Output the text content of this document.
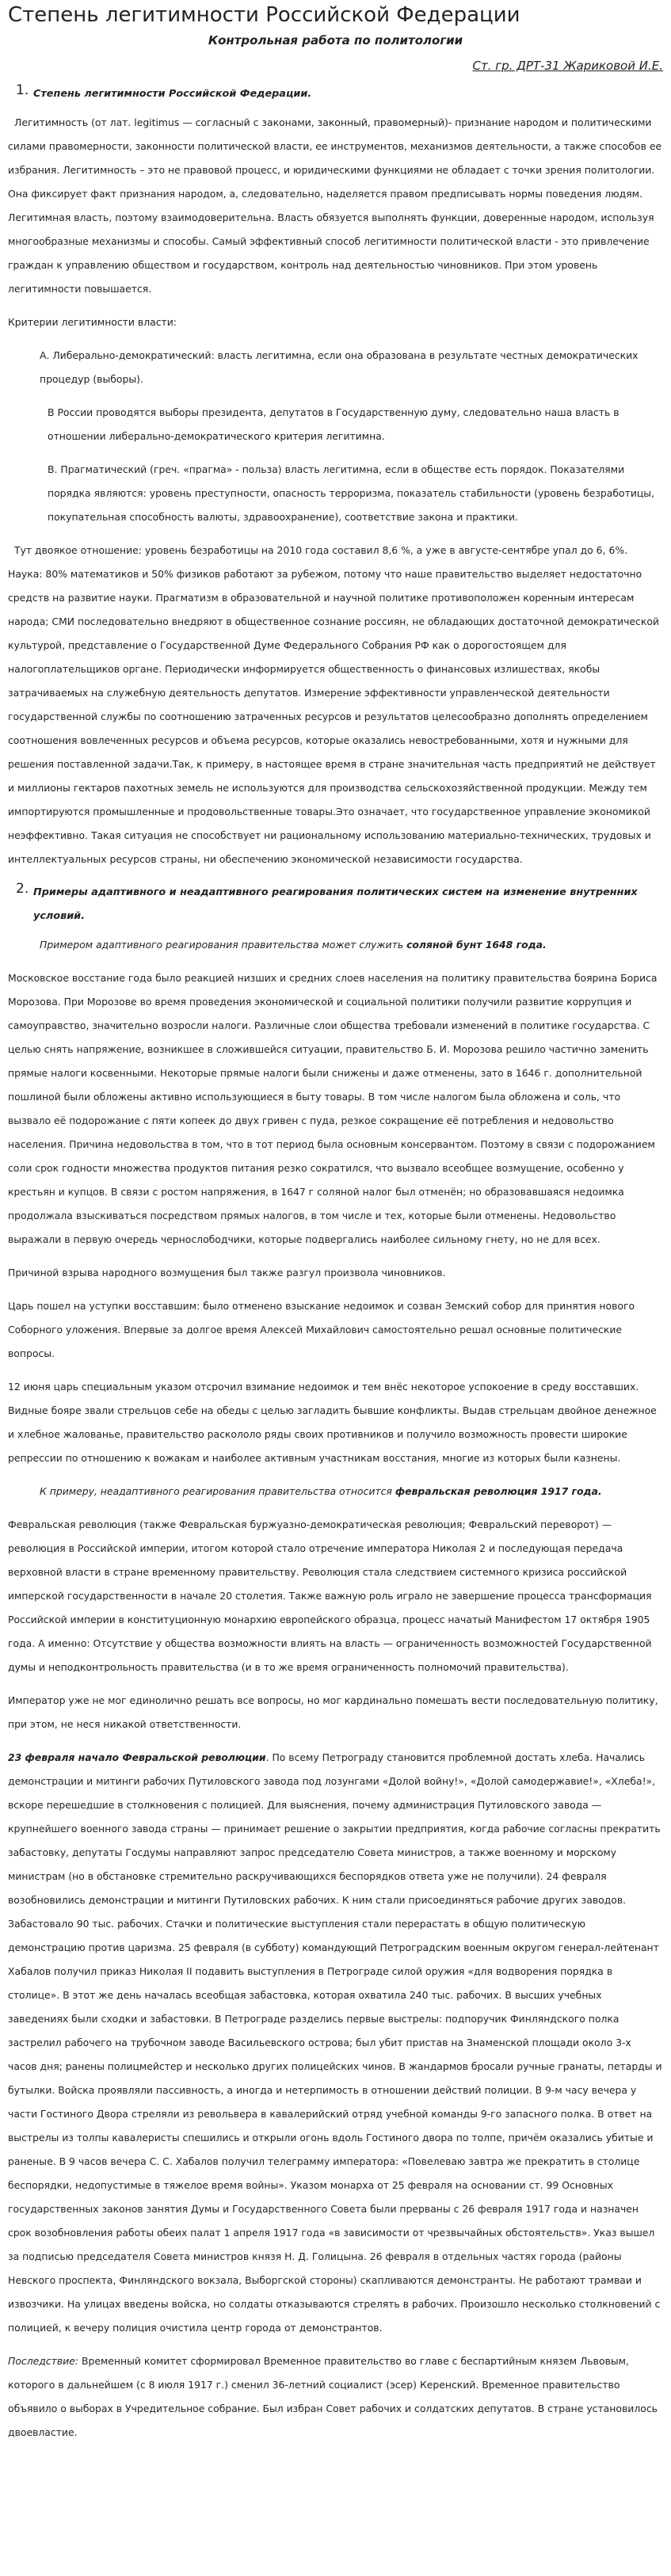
Степень легитимности Российской Федерации
Контрольная работа по политологии
Ст. гр. ДРТ-31 Жариковой И.Е.
1. Степень легитимности Российской Федерации.

Легитимность (от лат. legitimus — согласный с законами, законный, правомерный)- признание народом и политическими силами правомерности, законности политической власти, ее инструментов, механизмов деятельности, а также способов ее избрания. Легитимность – это не правовой процесс, и юридическими функциями не обладает с точки зрения политологии. Она фиксирует факт признания народом, а, следовательно, наделяется правом предписывать нормы поведения людям. Легитимная власть, поэтому взаимодовеpительна. Власть обязуется выполнять функции, доверенные народом, используя многообразные механизмы и способы. Самый эффективный способ легитимности политической власти - это привлечение граждан к управлению обществом и государством, контроль над деятельностью чиновников. При этом уровень легитимности повышается.

Критерии легитимности власти:

А. Либерально-демократический: власть легитимна, если она образована в результате честных демократических процедур (выборы).
В России проводятся выборы президента, депутатов в Государственную думу, следовательно наша власть в отношении либерально-демократического критерия легитимна.
В. Прагматический (греч. «прагма» - польза) власть легитимна, если в обществе есть порядок. Показателями порядка являются: уровень преступности, опасность терроризма, показатель стабильности (уровень безработицы, покупательная способность валюты, здравоохранение), соответствие закона и практики.

Тут двоякое отношение: уровень безработицы на 2010 года составил 8,6 %, а уже в августе-сентябре упал до 6, 6%. Наука: 80% математиков и 50% физиков работают за рубежом, потому что наше правительство выделяет недостаточно средств на развитие науки. Прагматизм в образовательной и научной политике противоположен коренным интересам народа; СМИ последовательно внедряют в общественное сознание россиян, не обладающих достаточной демократической культурой, представление о Государственной Думе Федерального Собрания РФ как о дорогостоящем для налогоплательщиков органе. Периодически информируется общественность о финансовых излишествах, якобы затрачиваемых на служебную деятельность депутатов. Измерение эффективности управленческой деятельности государственной службы по соотношению затраченных ресурсов и результатов целесообразно дополнять определением соотношения вовлеченных ресурсов и объема ресурсов, которые оказались невостребованными, хотя и нужными для решения поставленной задачи.Так, к примеру, в настоящее время в стране значительная часть предприятий не действует и миллионы гектаров пахотных земель не используются для производства сельскохозяйственной продукции. Между тем импортируются промышленные и продовольственные товары.Это означает, что государственное управление экономикой неэффективно. Такая ситуация не способствует ни рациональному использованию материально-технических, трудовых и интеллектуальных ресурсов страны, ни обеспечению экономической независимости государства.

2. Примеры адаптивного и неадаптивного реагирования политических систем на изменение внутренних условий.

Примером адаптивного реагирования правительства может служить соляной бунт 1648 года.

Московское восстание года было реакцией низших и средних слоев населения на политику правительства боярина Бориса Морозова. При Морозове во время проведения экономической и социальной политики получили развитие коррупция и самоуправство, значительно возросли налоги. Различные слои общества требовали изменений в политике государства. С целью снять напряжение, возникшее в сложившейся ситуации, правительство Б. И. Морозова решило частично заменить прямые налоги косвенными. Некоторые прямые налоги были снижены и даже отменены, зато в 1646 г. дополнительной пошлиной были обложены активно использующиеся в быту товары. В том числе налогом была обложена и соль, что вызвало её подорожание с пяти копеек до двух гривен с пуда, резкое сокращение её потребления и недовольство населения. Причина недовольства в том, что в тот период была основным консервантом. Поэтому в связи с подорожанием соли срок годности множества продуктов питания резко сократился, что вызвало всеобщее возмущение, особенно у крестьян и купцов. В связи с ростом напряжения, в 1647 г соляной налог был отменён; но образовавшаяся недоимка продолжала взыскиваться посредством прямых налогов, в том числе и тех, которые были отменены. Недовольство выражали в первую очередь чернослободчики, которые подвергались наиболее сильному гнету, но не для всех.

Причиной взрыва народного возмущения был также разгул произвола чиновников.

Царь пошел на уступки восставшим: было отменено взыскание недоимок и созван Земский собор для принятия нового Соборного уложения. Впервые за долгое время Алексей Михайлович самостоятельно решал основные политические вопросы.

12 июня царь специальным указом отсрочил взимание недоимок и тем внёс некоторое успокоение в среду восставших. Видные бояре звали стрельцов себе на обеды с целью загладить бывшие конфликты. Выдав стрельцам двойное денежное и хлебное жалованье, правительство раскололо ряды своих противников и получило возможность провести широкие репрессии по отношению к вожакам и наиболее активным участникам восстания, многие из которых были казнены.

К примеру, неадаптивного реагирования правительства относится февральская революция 1917 года.

Февральская революция (также Февральская буржуазно-демократическая революция; Февральский переворот) —революция в Российской империи, итогом которой стало отречение императора Николая 2 и последующая передача верховной власти в стране временному правительству. Революция стала следствием системного кризиса российской имперской государственности в начале 20 столетия. Также важную роль играло не завершение процесса трансформация Российской империи в конституционную монархию европейского образца, процесс начатый Манифестом 17 октября 1905 года. А именно: Отсутствие у общества возможности влиять на власть — ограниченность возможностей Государственной думы и неподконтрольность правительства (и в то же время ограниченность полномочий правительства).

Император уже не мог единолично решать все вопросы, но мог кардинально помешать вести последовательную политику, при этом, не неся никакой ответственности.

23 февраля начало Февральской революции. По всему Петрограду становится проблемной достать хлеба. Начались демонстрации и митинги рабочих Путиловского завода под лозунгами «Долой войну!», «Долой самодержавие!», «Хлеба!», вскоре перешедшие в столкновения с полицией. Для выяснения, почему администрация Путиловского завода — крупнейшего военного завода страны — принимает решение о закрытии предприятия, когда рабочие согласны прекратить забастовку, депутаты Госдумы направляют запрос председателю Совета министров, а также военному и морскому министрам (но в обстановке стремительно раскручивающихся беспорядков ответа уже не получили). 24 февраля возобновились демонстрации и митинги Путиловских рабочих. К ним стали присоединяться рабочие других заводов. Забастовало 90 тыс. рабочих. Стачки и политические выступления стали перерастать в общую политическую демонстрацию против царизма. 25 февраля (в субботу) командующий Петроградским военным округом генерал-лейтенант Хабалов получил приказ Николая II подавить выступления в Петрограде силой оружия «для водворения порядка в столице». В этот же день началась всеобщая забастовка, которая охватила 240 тыс. рабочих. В высших учебных заведениях были сходки и забастовки. В Петрограде разделись первые выстрелы: подпоручик Финляндского полка застрелил рабочего на трубочном заводе Васильевского острова; был убит пристав на Знаменской площади около 3-х часов дня; ранены полицмейстер и несколько других полицейских чинов. В жандармов бросали ручные гранаты, петарды и бутылки. Войска проявляли пассивность, а иногда и нетерпимость в отношении действий полиции. В 9-м часу вечера у части Гостиного Двора стреляли из револьвера в кавалерийский отряд учебной команды 9-го запасного полка. В ответ на выстрелы из толпы кавалеристы спешились и открыли огонь вдоль Гостиного двора по толпе, причём оказались убитые и раненые. В 9 часов вечера С. С. Хабалов получил телеграмму императора: «Повелеваю завтра же прекратить в столице беспорядки, недопустимые в тяжелое время войны». Указом монарха от 25 февраля на основании ст. 99 Основных государственных законов занятия Думы и Государственного Совета были прерваны с 26 февраля 1917 года и назначен срок возобновления работы обеих палат 1 апреля 1917 года «в зависимости от чрезвычайных обстоятельств». Указ вышел за подписью председателя Совета министров князя Н. Д. Голицына. 26 февраля в отдельных частях города (районы Невского проспекта, Финляндского вокзала, Выборгской стороны) скапливаются демонстранты. Не работают трамваи и извозчики. На улицах введены войска, но солдаты отказываются стрелять в рабочих. Произошло несколько столкновений с полицией, к вечеру полиция очистила центр города от демонстрантов.

Последствие: Временный комитет сформировал Временное правительство во главе с беспартийным князем Львовым, которого в дальнейшем (с 8 июля 1917 г.) сменил 36-летний социалист (эсер) Керенский. Временное правительство объявило о выборах в Учредительное собрание. Был избран Совет рабочих и солдатских депутатов. В стране установилось двоевластие.
